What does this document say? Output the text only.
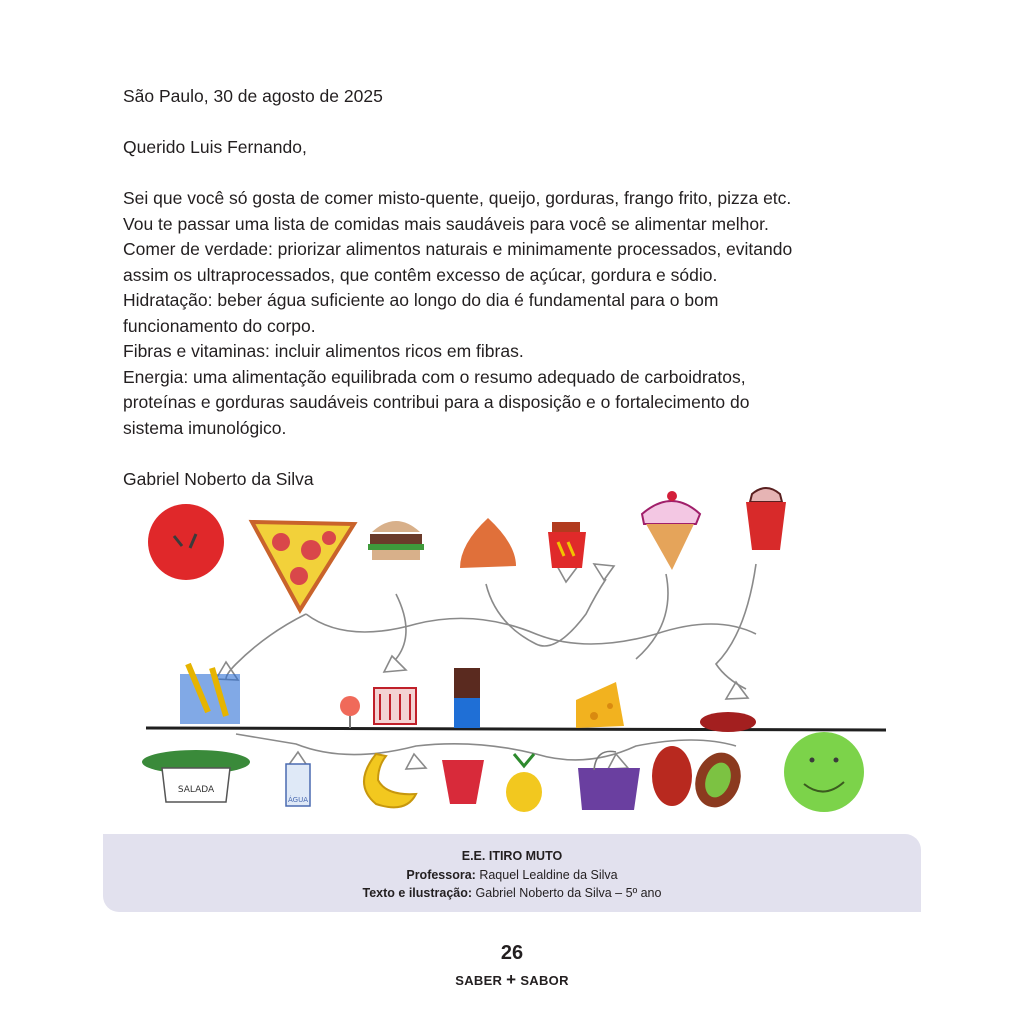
São Paulo, 30 de agosto de 2025

Querido Luis Fernando,

Sei que você só gosta de comer misto-quente, queijo, gorduras, frango frito, pizza etc.

Vou te passar uma lista de comidas mais saudáveis para você se alimentar melhor.

Comer de verdade: priorizar alimentos naturais e minimamente processados, evitando

assim os ultraprocessados, que contêm excesso de açúcar, gordura e sódio.

Hidratação: beber água suficiente ao longo do dia é fundamental para o bom

funcionamento do corpo.

Fibras e vitaminas: incluir alimentos ricos em fibras.

Energia: uma alimentação equilibrada com o resumo adequado de carboidratos,

proteínas e gorduras saudáveis contribui para a disposição e o fortalecimento do

sistema imunológico.

Gabriel Noberto da Silva

SALADA
ÁGUA
E.E. ITIRO MUTO
Professora: Raquel Lealdine da Silva
Texto e ilustração: Gabriel Noberto da Silva – 5º ano
26
SABER + SABOR
